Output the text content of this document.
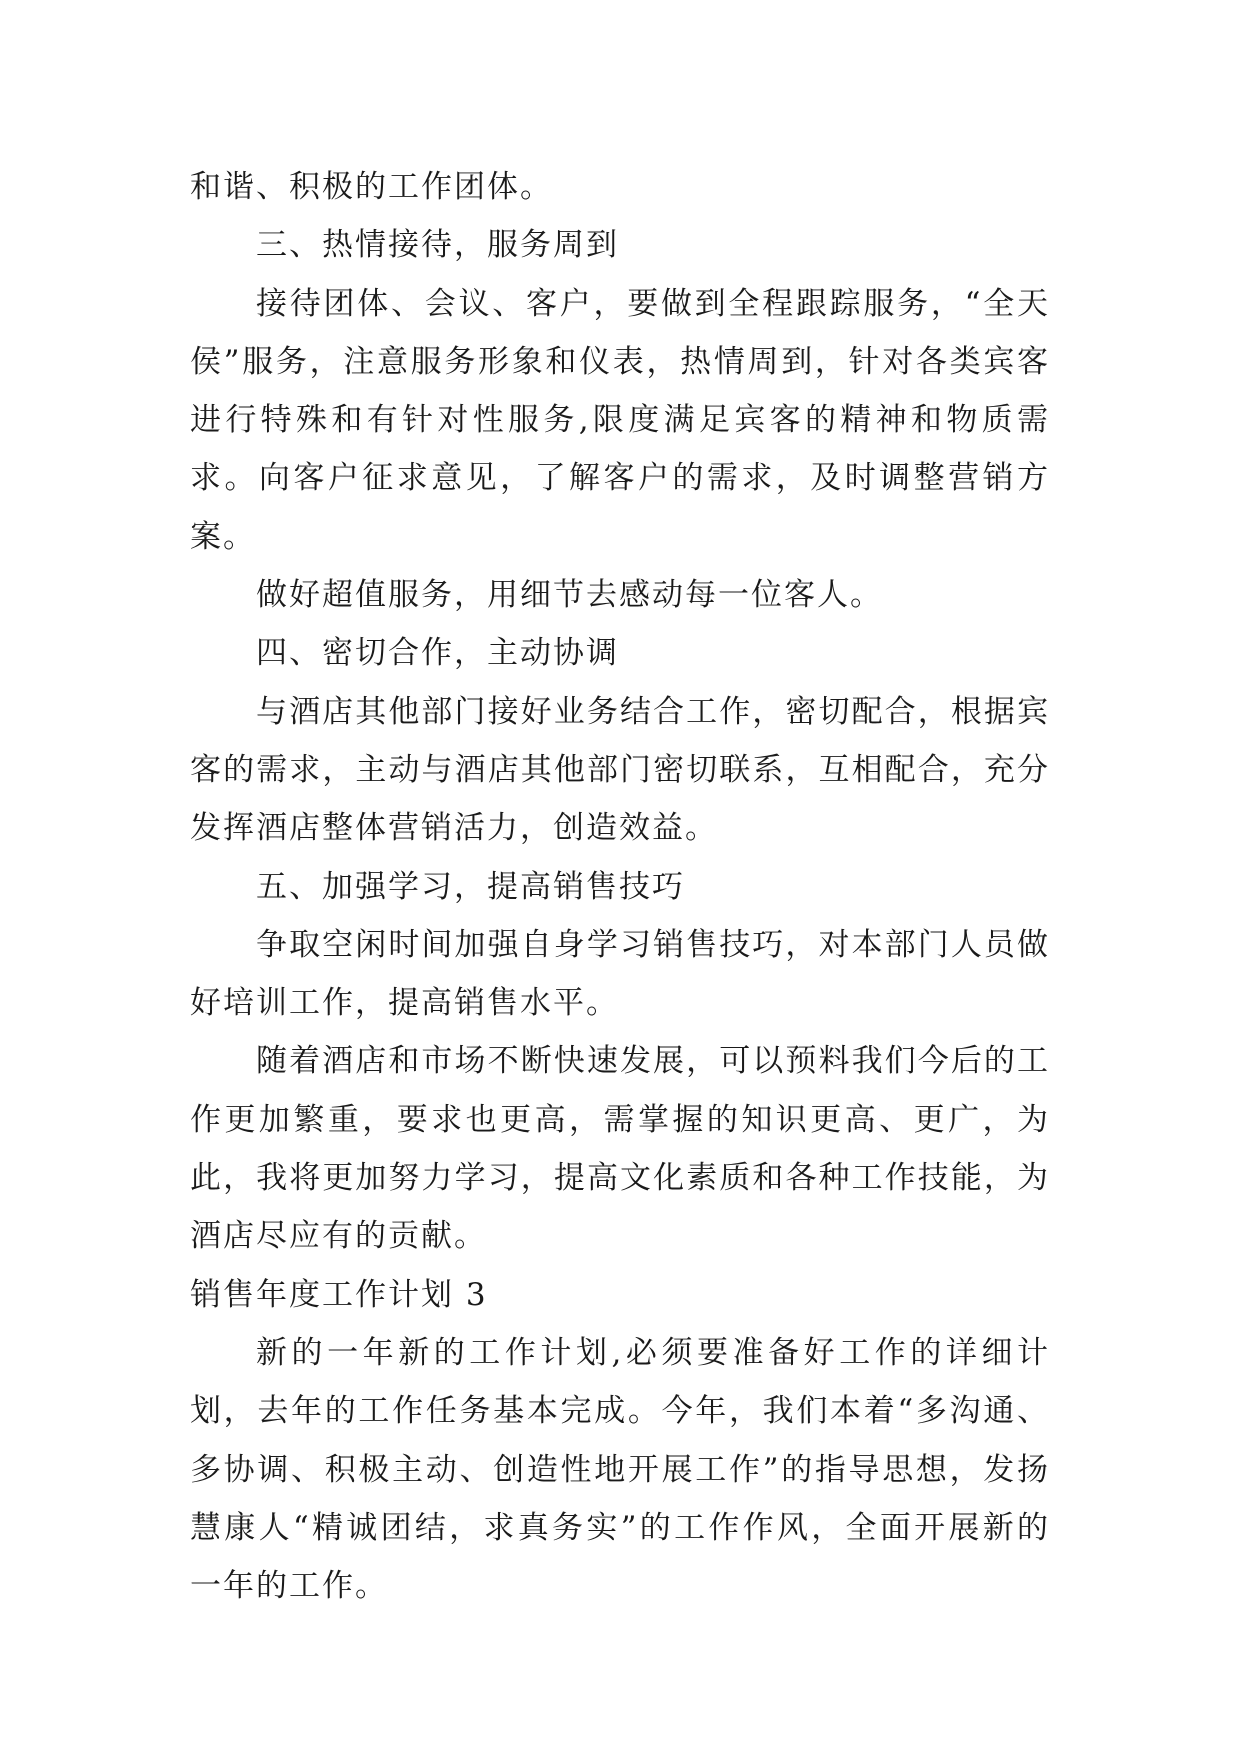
和谐、积极的工作团体。

三、热情接待，服务周到

接待团体、会议、客户，要做到全程跟踪服务，“全天侯”服务，注意服务形象和仪表，热情周到，针对各类宾客进行特殊和有针对性服务,限度满足宾客的精神和物质需求。向客户征求意见，了解客户的需求，及时调整营销方案。

做好超值服务，用细节去感动每一位客人。

四、密切合作，主动协调

与酒店其他部门接好业务结合工作，密切配合，根据宾客的需求，主动与酒店其他部门密切联系，互相配合，充分发挥酒店整体营销活力，创造效益。

五、加强学习，提高销售技巧

争取空闲时间加强自身学习销售技巧，对本部门人员做好培训工作，提高销售水平。

随着酒店和市场不断快速发展，可以预料我们今后的工作更加繁重，要求也更高，需掌握的知识更高、更广，为此，我将更加努力学习，提高文化素质和各种工作技能，为酒店尽应有的贡献。

销售年度工作计划 3

新的一年新的工作计划,必须要准备好工作的详细计划，去年的工作任务基本完成。今年，我们本着“多沟通、多协调、积极主动、创造性地开展工作”的指导思想，发扬慧康人“精诚团结，求真务实”的工作作风，全面开展新的一年的工作。
